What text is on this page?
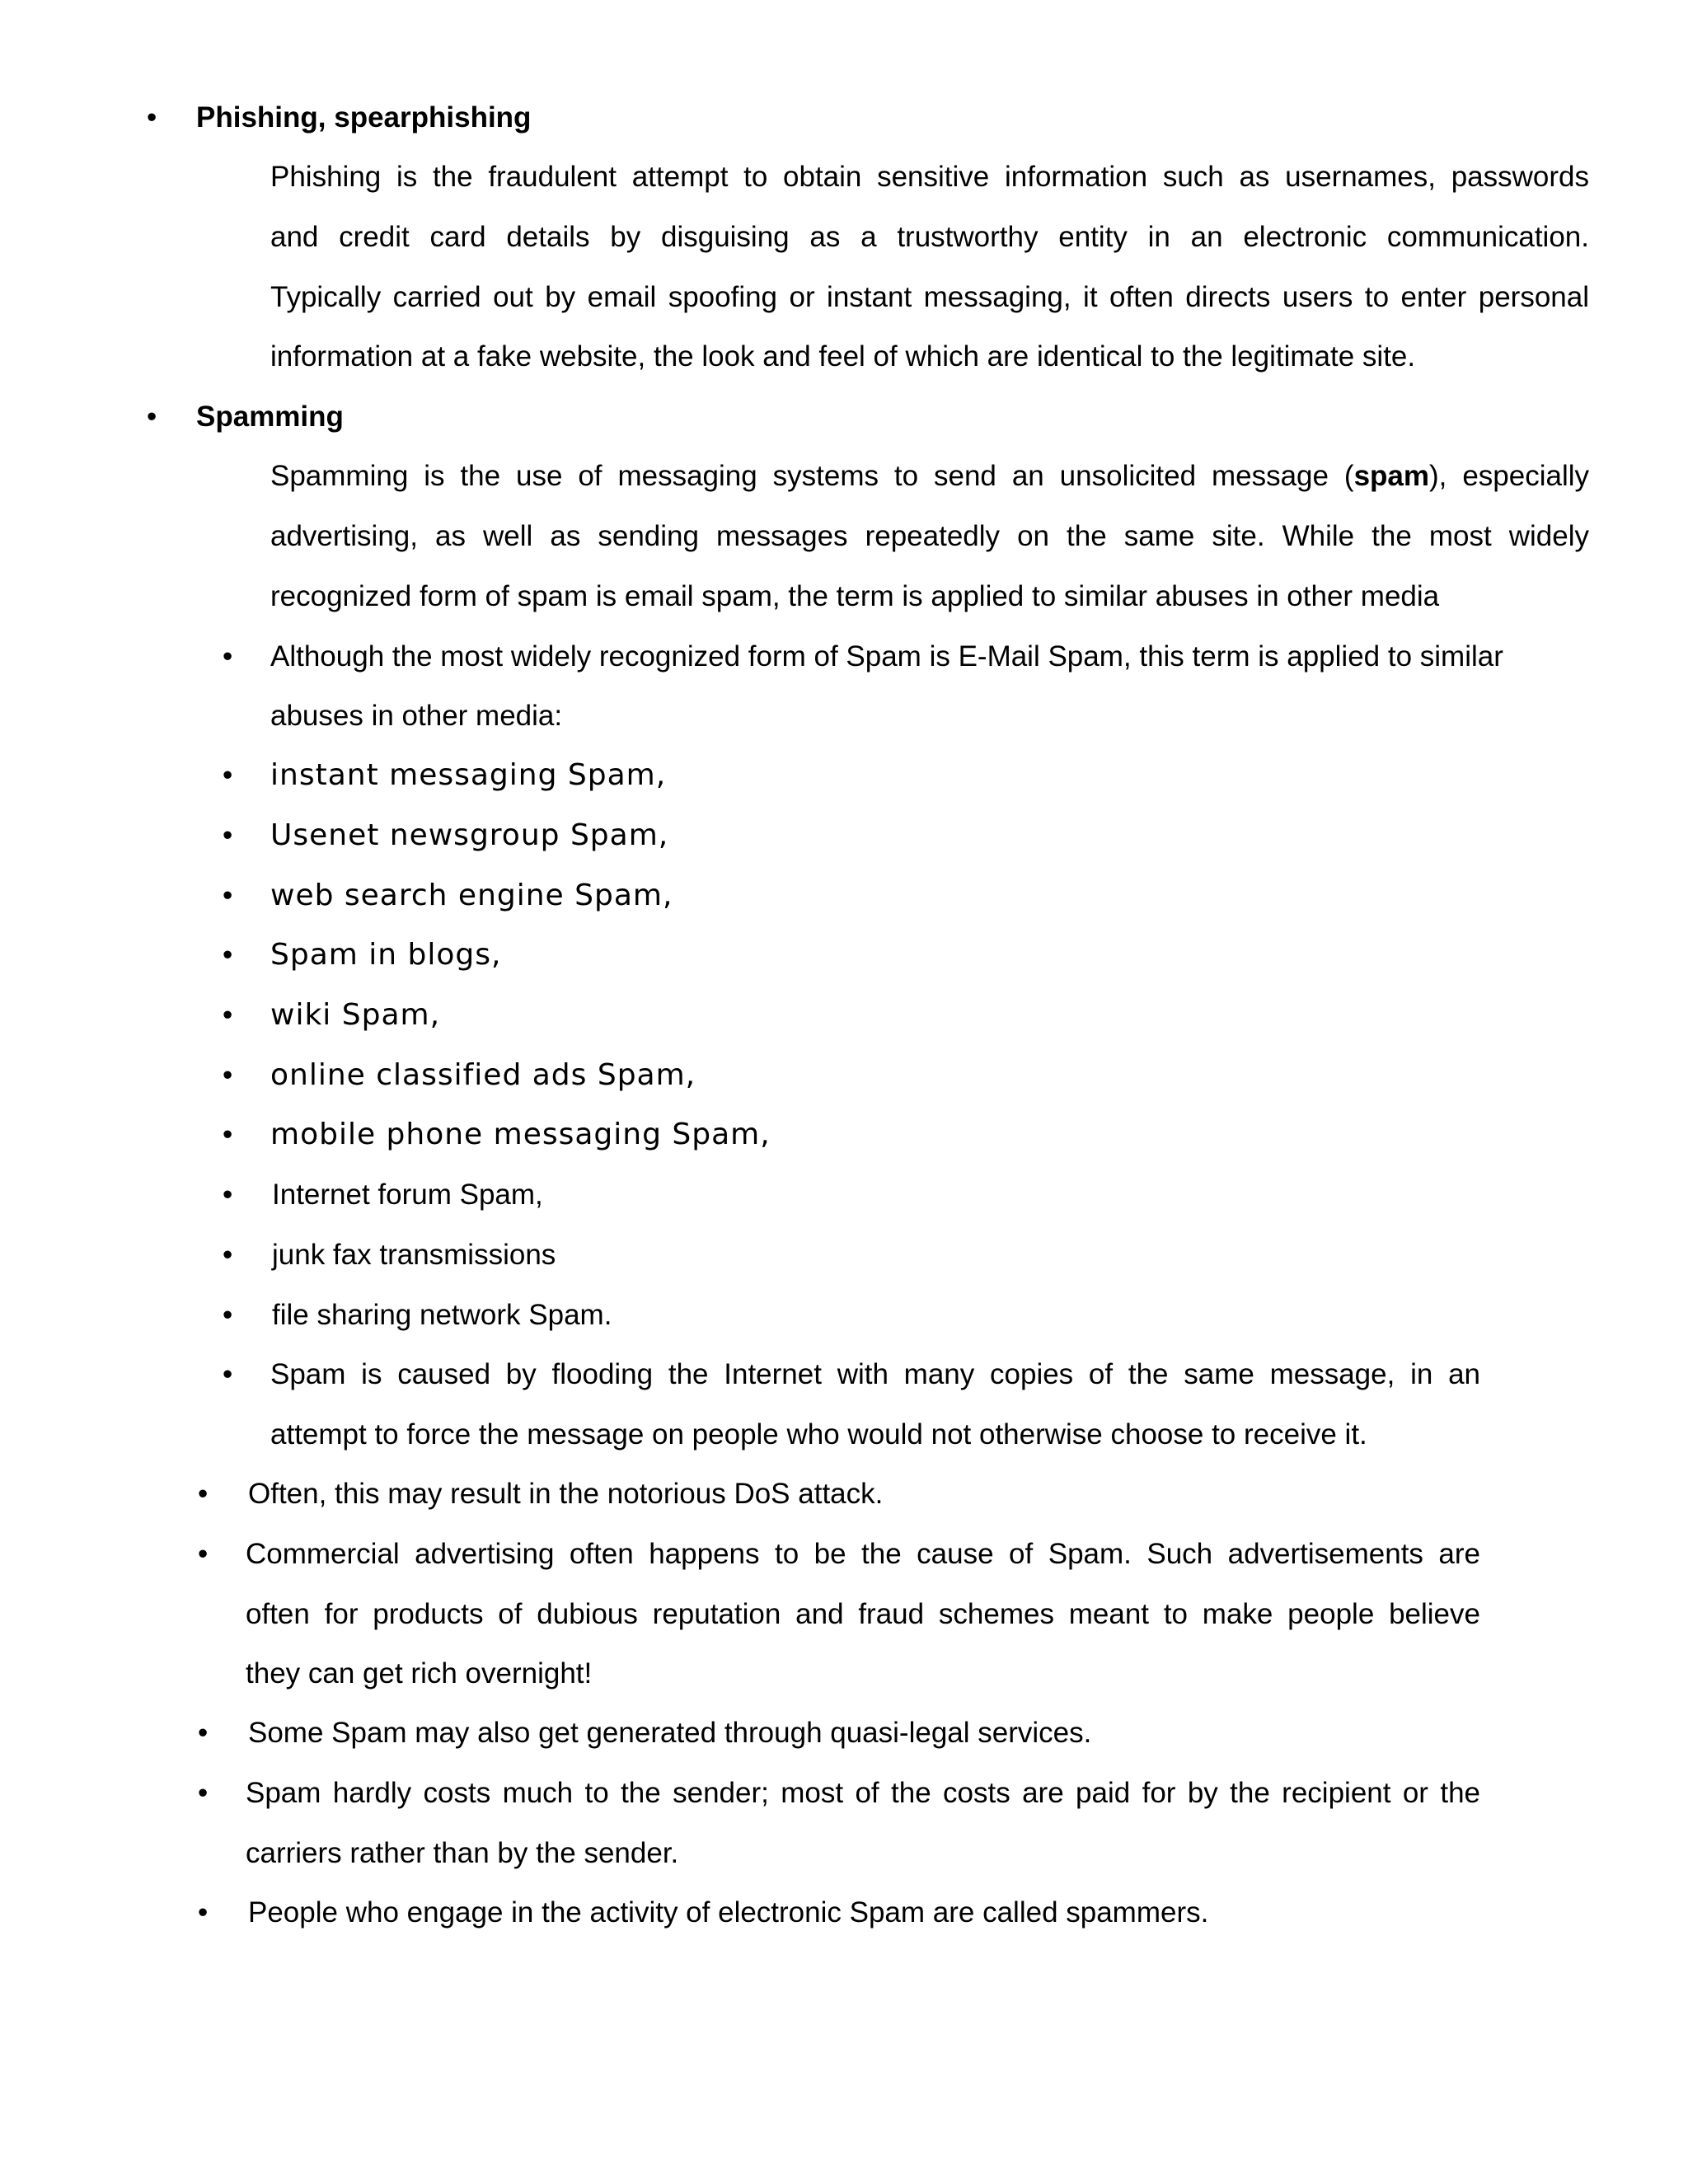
• Phishing, spearphishing
Phishing is the fraudulent attempt to obtain sensitive information such as usernames, passwords
and credit card details by disguising as a trustworthy entity in an electronic communication.
Typically carried out by email spoofing or instant messaging, it often directs users to enter personal
information at a fake website, the look and feel of which are identical to the legitimate site.
• Spamming
Spamming is the use of messaging systems to send an unsolicited message (spam), especially
advertising, as well as sending messages repeatedly on the same site. While the most widely
recognized form of spam is email spam, the term is applied to similar abuses in other media
• Although the most widely recognized form of Spam is E-Mail Spam, this term is applied to similar
abuses in other media:
• instant messaging Spam,
• Usenet newsgroup Spam,
• web search engine Spam,
• Spam in blogs,
• wiki Spam,
• online classified ads Spam,
• mobile phone messaging Spam,
• Internet forum Spam,
• junk fax transmissions
• file sharing network Spam.
• Spam is caused by flooding the Internet with many copies of the same message, in an
attempt to force the message on people who would not otherwise choose to receive it.
• Often, this may result in the notorious DoS attack.
• Commercial advertising often happens to be the cause of Spam. Such advertisements are
often for products of dubious reputation and fraud schemes meant to make people believe
they can get rich overnight!
• Some Spam may also get generated through quasi-legal services.
• Spam hardly costs much to the sender; most of the costs are paid for by the recipient or the
carriers rather than by the sender.
• People who engage in the activity of electronic Spam are called spammers.
